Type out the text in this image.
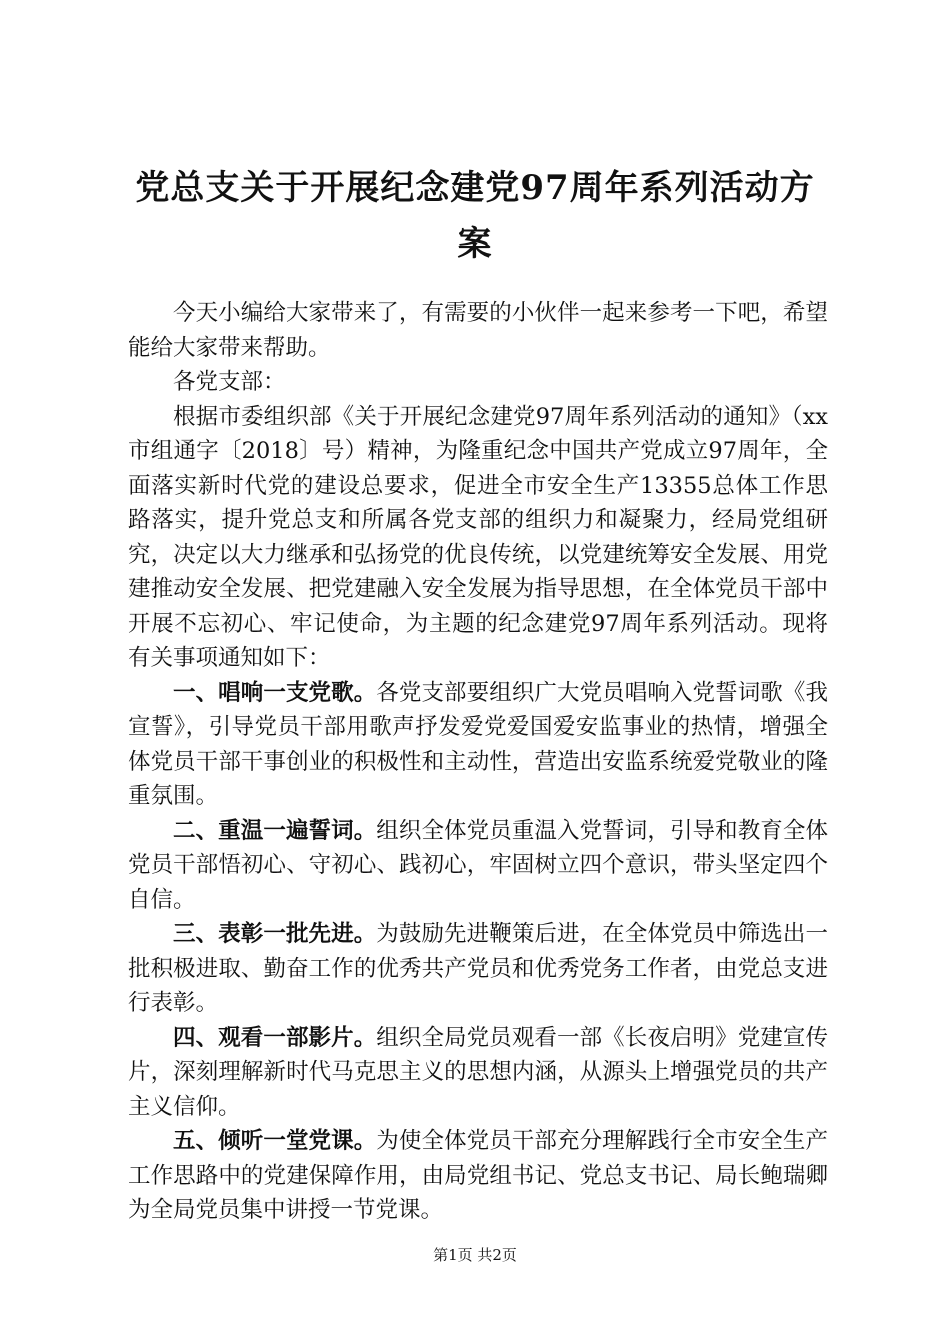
党总支关于开展纪念建党97周年系列活动方案

今天小编给大家带来了，有需要的小伙伴一起来参考一下吧，希望能给大家带来帮助。

各党支部：

根据市委组织部《关于开展纪念建党97周年系列活动的通知》（xx市组通字〔2018〕号）精神，为隆重纪念中国共产党成立97周年，全面落实新时代党的建设总要求，促进全市安全生产13355总体工作思路落实，提升党总支和所属各党支部的组织力和凝聚力，经局党组研究，决定以大力继承和弘扬党的优良传统，以党建统筹安全发展、用党建推动安全发展、把党建融入安全发展为指导思想，在全体党员干部中开展不忘初心、牢记使命，为主题的纪念建党97周年系列活动。现将有关事项通知如下：

一、唱响一支党歌。各党支部要组织广大党员唱响入党誓词歌《我宣誓》，引导党员干部用歌声抒发爱党爱国爱安监事业的热情，增强全体党员干部干事创业的积极性和主动性，营造出安监系统爱党敬业的隆重氛围。

二、重温一遍誓词。组织全体党员重温入党誓词，引导和教育全体党员干部悟初心、守初心、践初心，牢固树立四个意识，带头坚定四个自信。

三、表彰一批先进。为鼓励先进鞭策后进，在全体党员中筛选出一批积极进取、勤奋工作的优秀共产党员和优秀党务工作者，由党总支进行表彰。

四、观看一部影片。组织全局党员观看一部《长夜启明》党建宣传片，深刻理解新时代马克思主义的思想内涵，从源头上增强党员的共产主义信仰。

五、倾听一堂党课。为使全体党员干部充分理解践行全市安全生产工作思路中的党建保障作用，由局党组书记、党总支书记、局长鲍瑞卿为全局党员集中讲授一节党课。

第1页 共2页
